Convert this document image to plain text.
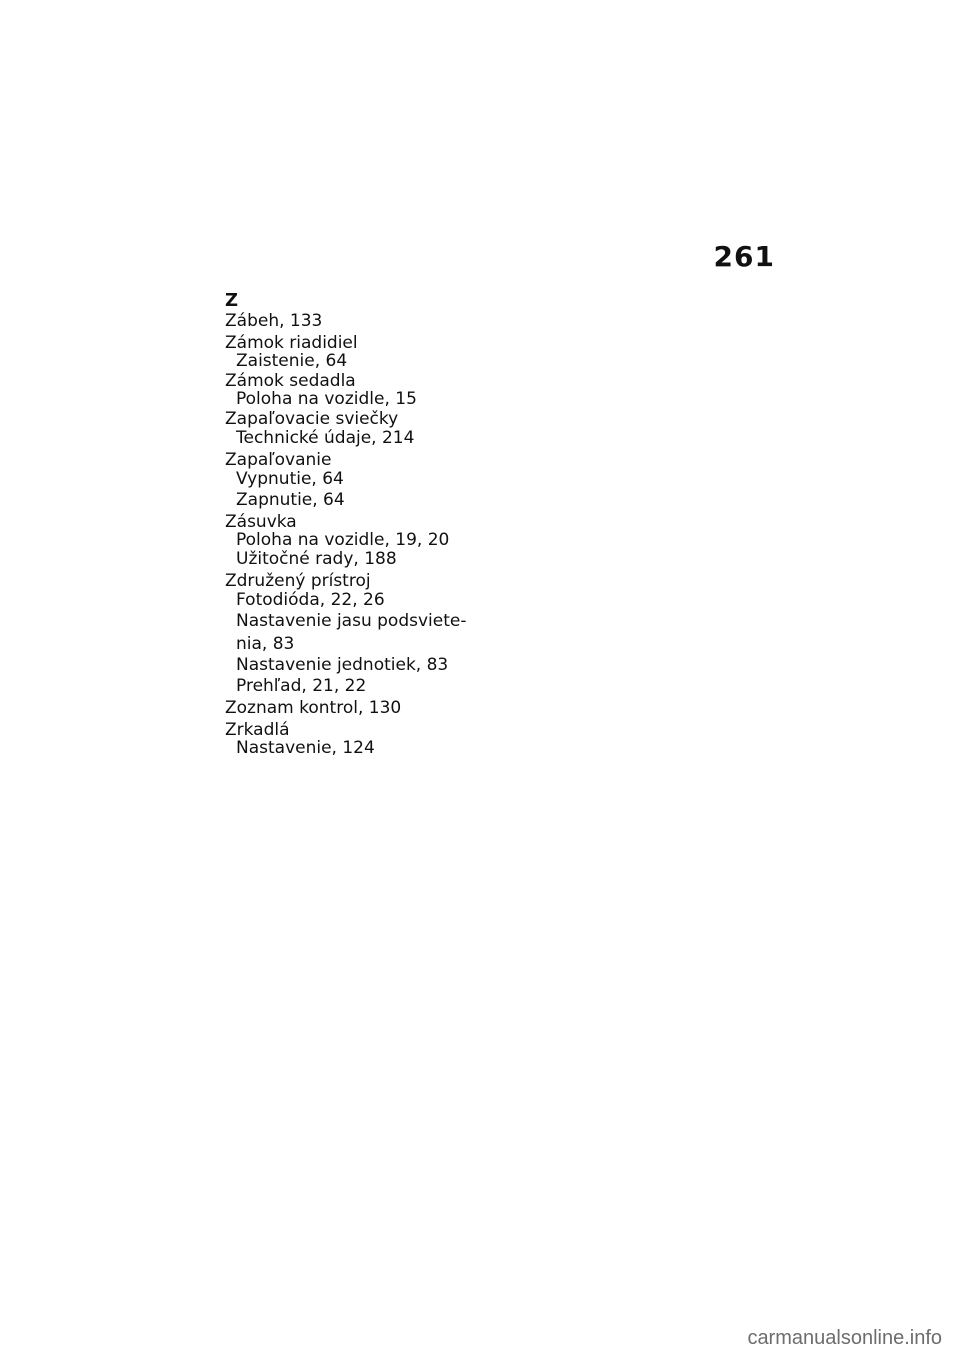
261
Z
Zábeh, 133
Zámok riadidiel
Zaistenie, 64
Zámok sedadla
Poloha na vozidle, 15
Zapaľovacie sviečky
Technické údaje, 214
Zapaľovanie
Vypnutie, 64
Zapnutie, 64
Zásuvka
Poloha na vozidle, 19, 20
Užitočné rady, 188
Združený prístroj
Fotodióda, 22, 26
Nastavenie jasu podsviete-
nia, 83
Nastavenie jednotiek, 83
Prehľad, 21, 22
Zoznam kontrol, 130
Zrkadlá
Nastavenie, 124
carmanualsonline.info
